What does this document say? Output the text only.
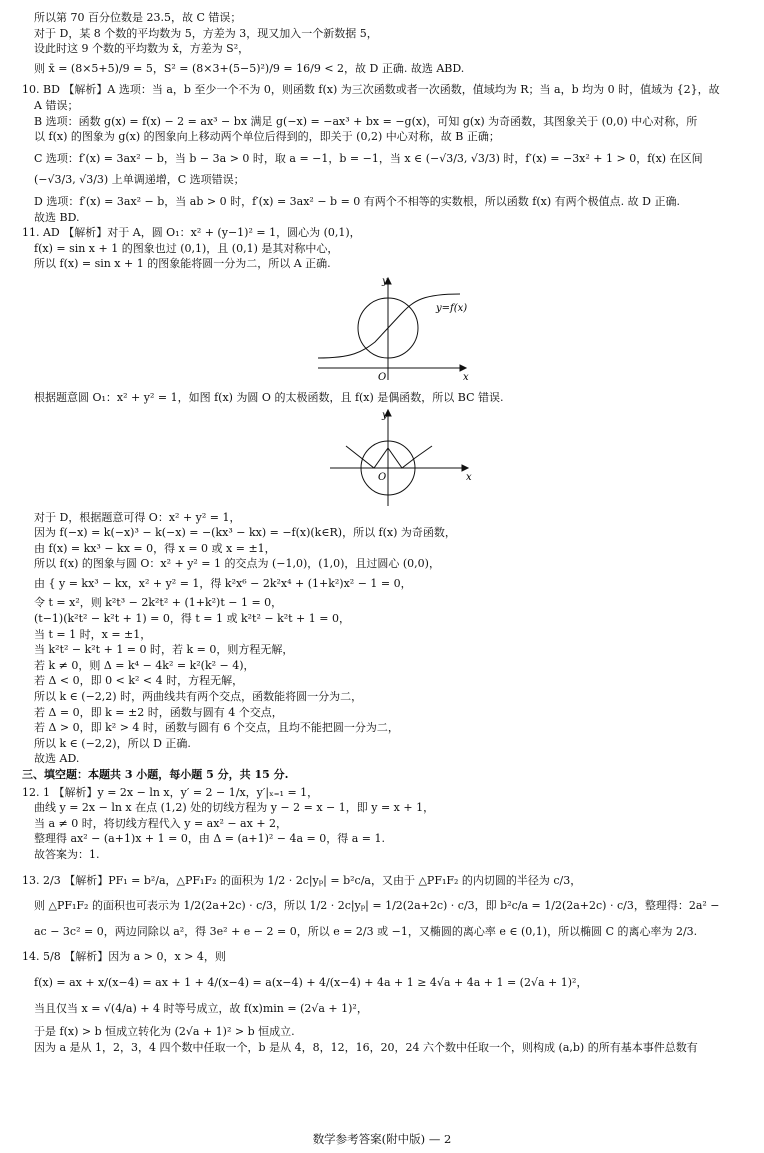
所以第 70 百分位数是 23.5，故 C 错误；
对于 D，某 8 个数的平均数为 5，方差为 3，现又加入一个新数据 5，
设此时这 9 个数的平均数为 x̄，方差为 S²，
则 x̄ = (8×5+5)/9 = 5，S² = (8×3+(5−5)²)/9 = 16/9 < 2，故 D 正确. 故选 ABD.
10. BD 【解析】A 选项：当 a，b 至少一个不为 0，则函数 f(x) 为三次函数或者一次函数，值域均为 R；当 a，b 均为 0 时，值域为 {2}，故
A 错误；
B 选项：函数 g(x) = f(x) − 2 = ax³ − bx 满足 g(−x) = −ax³ + bx = −g(x)，可知 g(x) 为奇函数，其图象关于 (0,0) 中心对称，所
以 f(x) 的图象为 g(x) 的图象向上移动两个单位后得到的，即关于 (0,2) 中心对称，故 B 正确；
C 选项：f′(x) = 3ax² − b，当 b − 3a > 0 时，取 a = −1，b = −1，当 x ∈ (−√3/3, √3/3) 时，f′(x) = −3x² + 1 > 0，f(x) 在区间
(−√3/3, √3/3) 上单调递增，C 选项错误；
D 选项：f′(x) = 3ax² − b，当 ab > 0 时，f′(x) = 3ax² − b = 0 有两个不相等的实数根，所以函数 f(x) 有两个极值点. 故 D 正确.
故选 BD.
11. AD 【解析】对于 A，圆 O₁：x² + (y−1)² = 1，圆心为 (0,1)，
f(x) = sin x + 1 的图象也过 (0,1)，且 (0,1) 是其对称中心，
所以 f(x) = sin x + 1 的图象能将圆一分为二，所以 A 正确.
y
x
O
y=f(x)
根据题意圆 O₁：x² + y² = 1，如图 f(x) 为圆 O 的太极函数，且 f(x) 是偶函数，所以 BC 错误.
y
x
O
对于 D，根据题意可得 O：x² + y² = 1，
因为 f(−x) = k(−x)³ − k(−x) = −(kx³ − kx) = −f(x)(k∈R)，所以 f(x) 为奇函数，
由 f(x) = kx³ − kx = 0，得 x = 0 或 x = ±1，
所以 f(x) 的图象与圆 O：x² + y² = 1 的交点为 (−1,0)，(1,0)，且过圆心 (0,0)，
由 { y = kx³ − kx，x² + y² = 1，得 k²x⁶ − 2k²x⁴ + (1+k²)x² − 1 = 0，
令 t = x²，则 k²t³ − 2k²t² + (1+k²)t − 1 = 0，
(t−1)(k²t² − k²t + 1) = 0，得 t = 1 或 k²t² − k²t + 1 = 0，
当 t = 1 时，x = ±1，
当 k²t² − k²t + 1 = 0 时，若 k = 0，则方程无解，
若 k ≠ 0，则 Δ = k⁴ − 4k² = k²(k² − 4)，
若 Δ < 0，即 0 < k² < 4 时，方程无解，
所以 k ∈ (−2,2) 时，两曲线共有两个交点，函数能将圆一分为二，
若 Δ = 0，即 k = ±2 时，函数与圆有 4 个交点，
若 Δ > 0，即 k² > 4 时，函数与圆有 6 个交点，且均不能把圆一分为二，
所以 k ∈ (−2,2)，所以 D 正确.
故选 AD.
三、填空题：本题共 3 小题，每小题 5 分，共 15 分.
12. 1 【解析】y = 2x − ln x，y′ = 2 − 1/x，y′|ₓ₌₁ = 1，
曲线 y = 2x − ln x 在点 (1,2) 处的切线方程为 y − 2 = x − 1，即 y = x + 1，
当 a ≠ 0 时，将切线方程代入 y = ax² − ax + 2，
整理得 ax² − (a+1)x + 1 = 0，由 Δ = (a+1)² − 4a = 0，得 a = 1.
故答案为：1.
13. 2/3 【解析】PF₁ = b²/a，△PF₁F₂ 的面积为 1/2 · 2c|yₚ| = b²c/a，又由于 △PF₁F₂ 的内切圆的半径为 c/3，
则 △PF₁F₂ 的面积也可表示为 1/2(2a+2c) · c/3，所以 1/2 · 2c|yₚ| = 1/2(2a+2c) · c/3，即 b²c/a = 1/2(2a+2c) · c/3，整理得：2a² −
ac − 3c² = 0，两边同除以 a²，得 3e² + e − 2 = 0，所以 e = 2/3 或 −1，又椭圆的离心率 e ∈ (0,1)，所以椭圆 C 的离心率为 2/3.
14. 5/8 【解析】因为 a > 0，x > 4，则
f(x) = ax + x/(x−4) = ax + 1 + 4/(x−4) = a(x−4) + 4/(x−4) + 4a + 1 ≥ 4√a + 4a + 1 = (2√a + 1)²，
当且仅当 x = √(4/a) + 4 时等号成立，故 f(x)min = (2√a + 1)²，
于是 f(x) > b 恒成立转化为 (2√a + 1)² > b 恒成立.
因为 a 是从 1，2，3，4 四个数中任取一个，b 是从 4，8，12，16，20，24 六个数中任取一个，则构成 (a,b) 的所有基本事件总数有
数学参考答案(附中版) — 2
